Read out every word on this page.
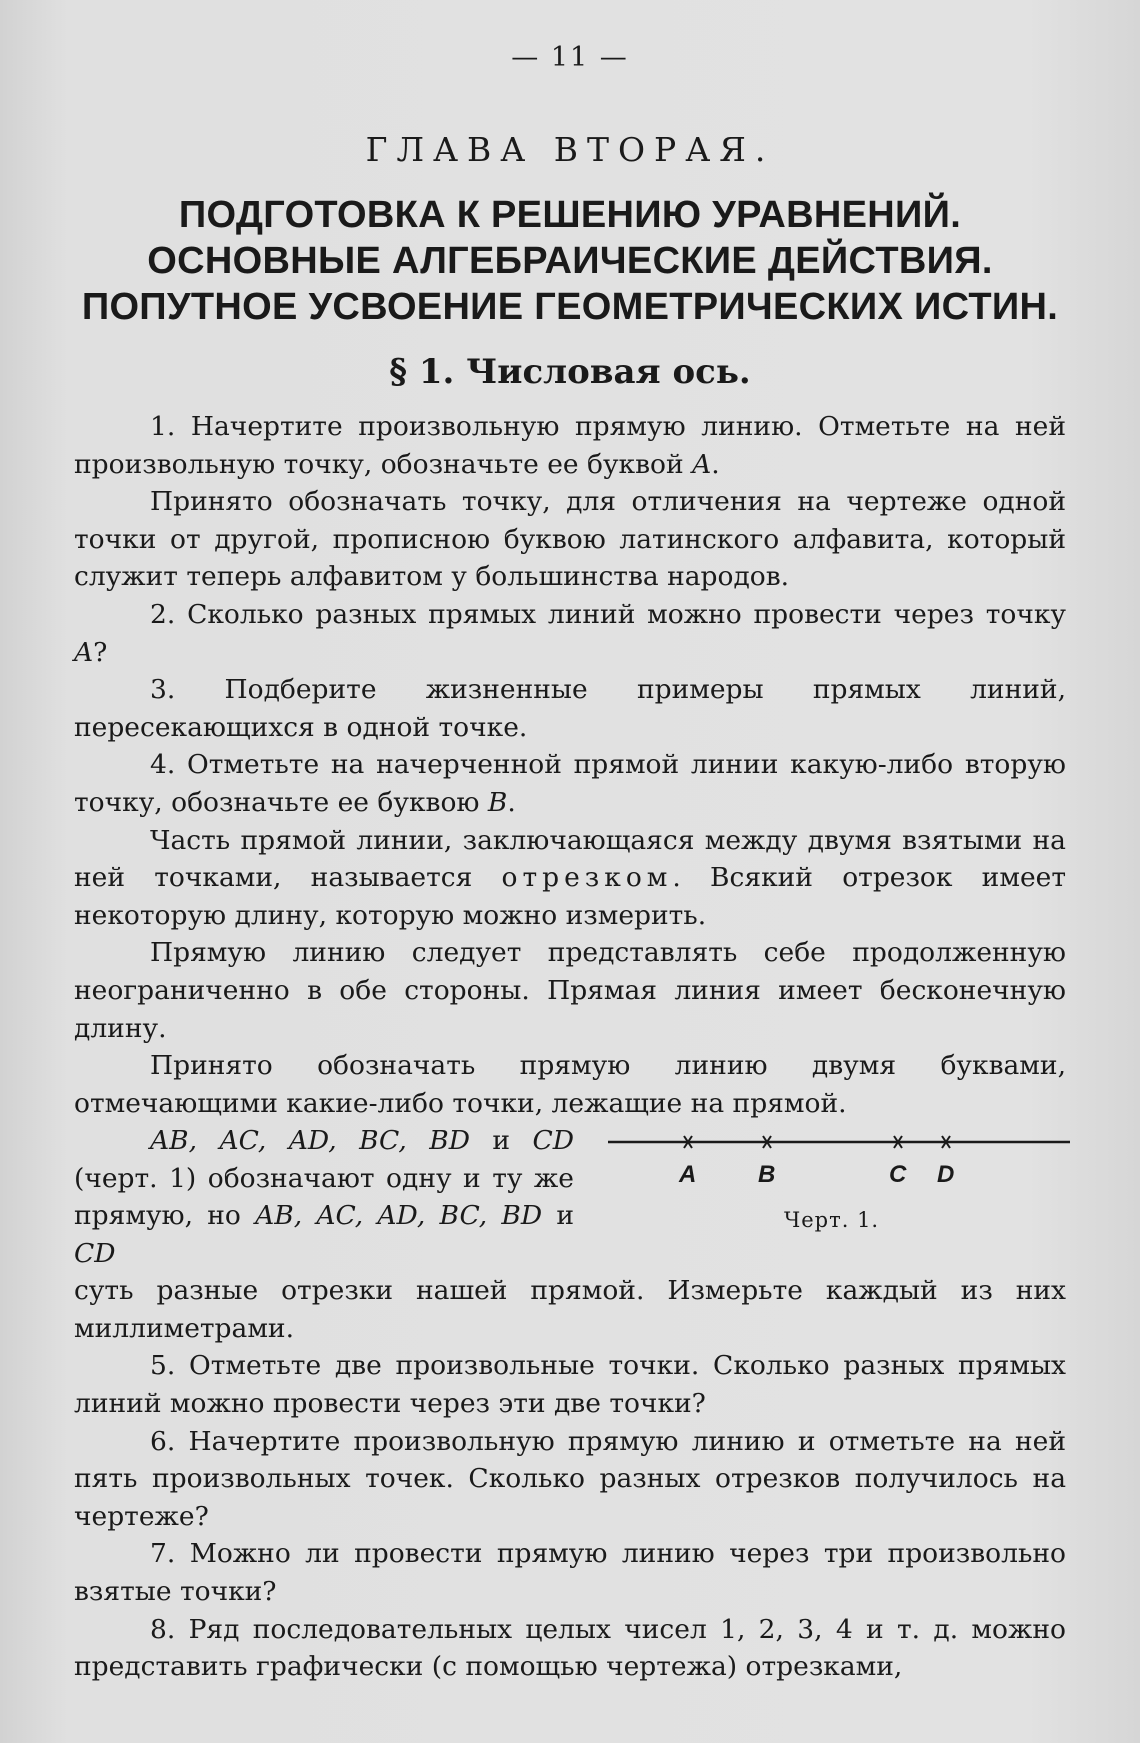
— 11 —
ГЛАВА ВТОРАЯ.
ПОДГОТОВКА К РЕШЕНИЮ УРАВНЕНИЙ. ОСНОВНЫЕ АЛГЕБРАИЧЕСКИЕ ДЕЙСТВИЯ. ПОПУТНОЕ УСВОЕНИЕ ГЕОМЕТРИЧЕСКИХ ИСТИН.
§ 1. Числовая ось.

1. Начертите произвольную прямую линию. Отметьте на ней произвольную точку, обозначьте ее буквой A.

Принято обозначать точку, для отличения на чертеже одной точки от другой, прописною буквою латинского алфавита, который служит теперь алфавитом у большинства народов.

2. Сколько разных прямых линий можно провести через точку A?

3. Подберите жизненные примеры прямых линий, пересекающихся в одной точке.

4. Отметьте на начерченной прямой линии какую-либо вторую точку, обозначьте ее буквою B.

Часть прямой линии, заключающаяся между двумя взятыми на ней точками, называется отрезком. Всякий отрезок имеет некоторую длину, которую можно измерить.

Прямую линию следует представлять себе продолженную неограниченно в обе стороны. Прямая линия имеет бесконечную длину.

Принято обозначать прямую линию двумя буквами, отмечающими какие-либо точки, лежащие на прямой.

AB, AC, AD, BC, BD и CD (черт. 1) обозначают одну и ту же прямую, но AB, AC, AD, BC, BD и CD

A	B	C D
Черт. 1.

суть разные отрезки нашей прямой. Измерьте каждый из них миллиметрами.

5. Отметьте две произвольные точки. Сколько разных прямых линий можно провести через эти две точки?

6. Начертите произвольную прямую линию и отметьте на ней пять произвольных точек. Сколько разных отрезков получилось на чертеже?

7. Можно ли провести прямую линию через три произвольно взятые точки?

8. Ряд последовательных целых чисел 1, 2, 3, 4 и т. д. можно представить графически (с помощью чертежа) отрезками,
